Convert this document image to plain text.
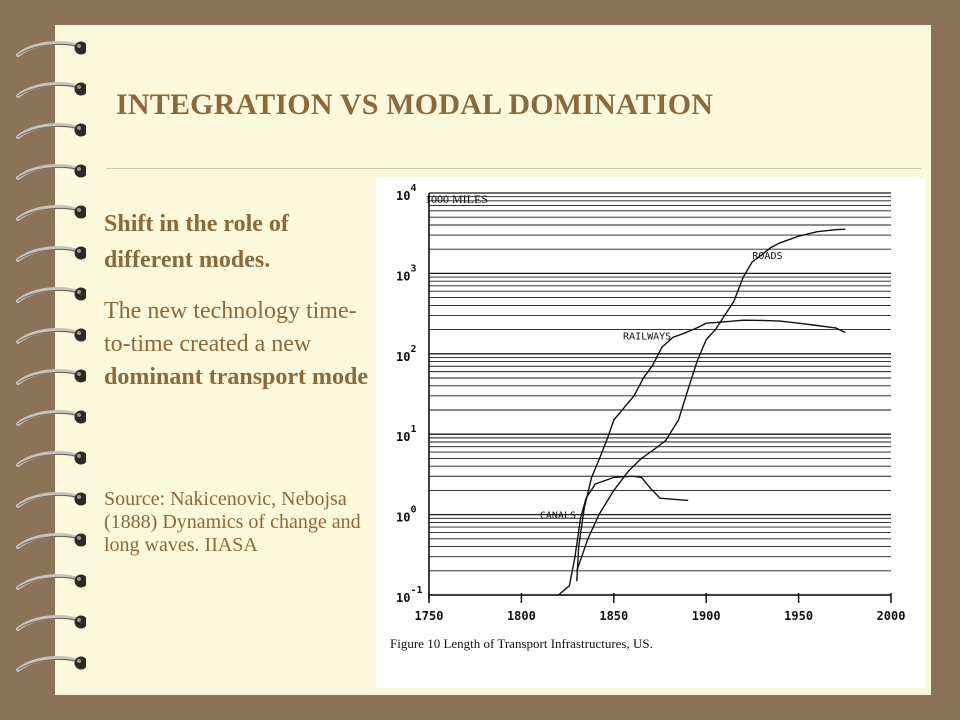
INTEGRATION VS MODAL DOMINATION
Shift in the role of different modes.
The new technology time-to-time created a new dominant transport mode
Source: Nakicenovic, Nebojsa (1888) Dynamics of change and long waves. IIASA
$10^{-1}$
$10^0$
$10^1$
$10^2$
$10^3$
$10^4$
1750	1800	1850	1900	1950	2000
1000 MILES
CANALS
RAILWAYS
ROADS
Figure 10 Length of Transport Infrastructures, US.
